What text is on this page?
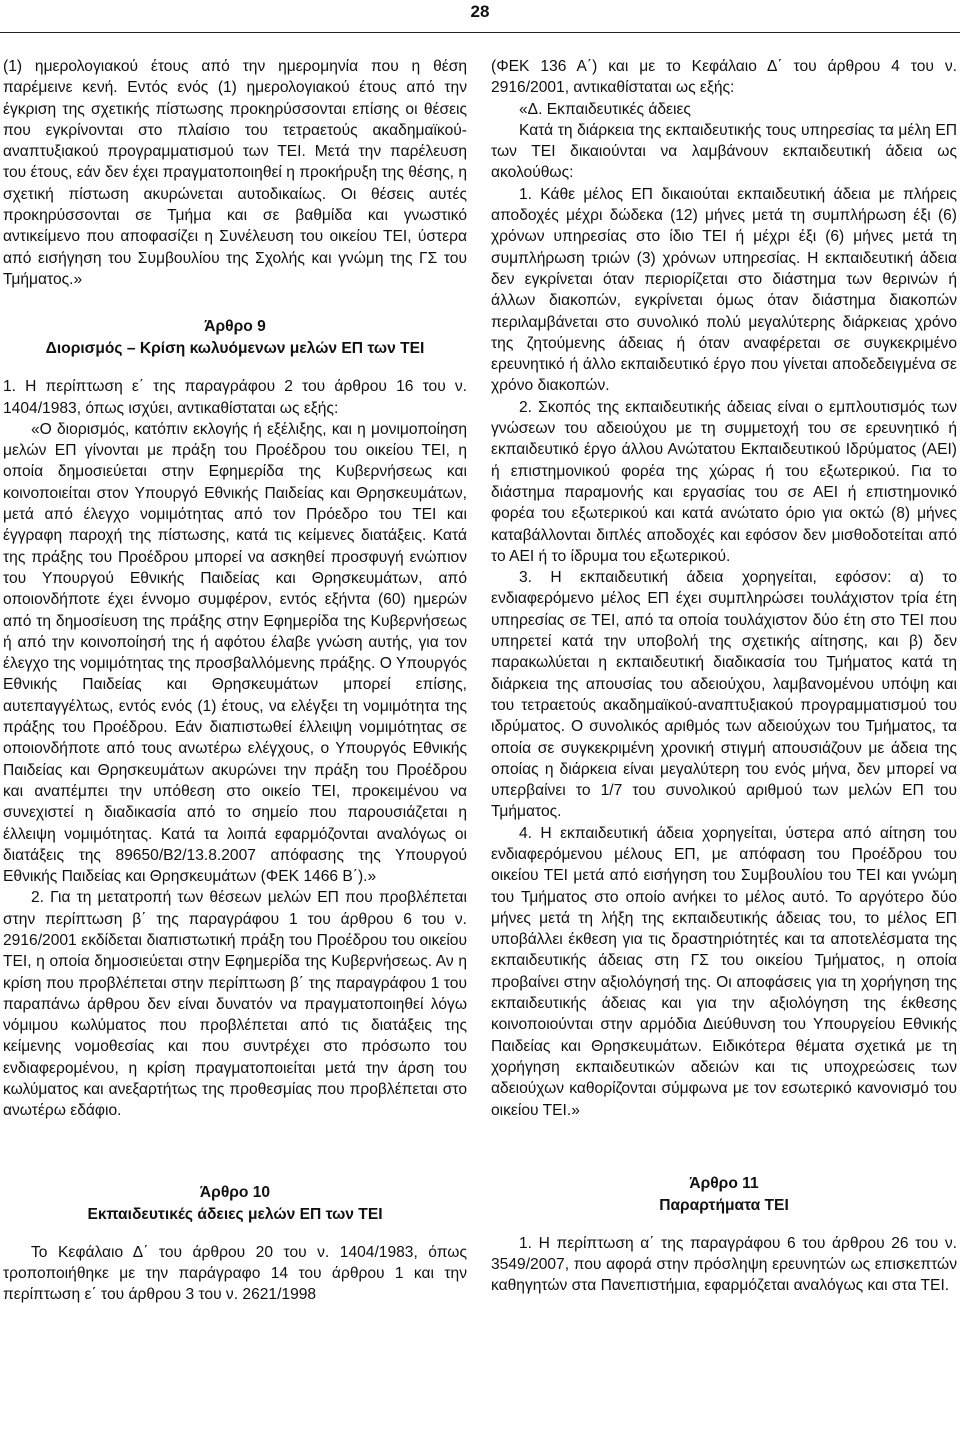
28

(1) ημερολογιακού έτους από την ημερομηνία που η θέση παρέμεινε κενή. Εντός ενός (1) ημερολογιακού έτους από την έγκριση της σχετικής πίστωσης προκηρύσσονται επίσης οι θέσεις που εγκρίνονται στο πλαίσιο του τετραετούς ακαδημαϊκού-αναπτυξιακού προγραμματισμού των ΤΕΙ. Μετά την παρέλευση του έτους, εάν δεν έχει πραγματοποιηθεί η προκήρυξη της θέσης, η σχετική πίστωση ακυρώνεται αυτοδικαίως. Οι θέσεις αυτές προκηρύσσονται σε Τμήμα και σε βαθμίδα και γνωστικό αντικείμενο που αποφασίζει η Συνέλευση του οικείου ΤΕΙ, ύστερα από εισήγηση του Συμβουλίου της Σχολής και γνώμη της ΓΣ του Τμήματος.»

Άρθρο 9
Διορισμός – Κρίση κωλυόμενων μελών ΕΠ των ΤΕΙ

1. Η περίπτωση ε΄ της παραγράφου 2 του άρθρου 16 του ν. 1404/1983, όπως ισχύει, αντικαθίσταται ως εξής:

«Ο διορισμός, κατόπιν εκλογής ή εξέλιξης, και η μονιμοποίηση μελών ΕΠ γίνονται με πράξη του Προέδρου του οικείου ΤΕΙ, η οποία δημοσιεύεται στην Εφημερίδα της Κυβερνήσεως και κοινοποιείται στον Υπουργό Εθνικής Παιδείας και Θρησκευμάτων, μετά από έλεγχο νομιμότητας από τον Πρόεδρο του ΤΕΙ και έγγραφη παροχή της πίστωσης, κατά τις κείμενες διατάξεις. Κατά της πράξης του Προέδρου μπορεί να ασκηθεί προσφυγή ενώπιον του Υπουργού Εθνικής Παιδείας και Θρησκευμάτων, από οποιονδήποτε έχει έννομο συμφέρον, εντός εξήντα (60) ημερών από τη δημοσίευση της πράξης στην Εφημερίδα της Κυβερνήσεως ή από την κοινοποίησή της ή αφότου έλαβε γνώση αυτής, για τον έλεγχο της νομιμότητας της προσβαλλόμενης πράξης. Ο Υπουργός Εθνικής Παιδείας και Θρησκευμάτων μπορεί επίσης, αυτεπαγγέλτως, εντός ενός (1) έτους, να ελέγξει τη νομιμότητα της πράξης του Προέδρου. Εάν διαπιστωθεί έλλειψη νομιμότητας σε οποιονδήποτε από τους ανωτέρω ελέγχους, ο Υπουργός Εθνικής Παιδείας και Θρησκευμάτων ακυρώνει την πράξη του Προέδρου και αναπέμπει την υπόθεση στο οικείο ΤΕΙ, προκειμένου να συνεχιστεί η διαδικασία από το σημείο που παρουσιάζεται η έλλειψη νομιμότητας. Κατά τα λοιπά εφαρμόζονται αναλόγως οι διατάξεις της 89650/Β2/13.8.2007 απόφασης της Υπουργού Εθνικής Παιδείας και Θρησκευμάτων (ΦΕΚ 1466 Β΄).»

2. Για τη μετατροπή των θέσεων μελών ΕΠ που προβλέπεται στην περίπτωση β΄ της παραγράφου 1 του άρθρου 6 του ν. 2916/2001 εκδίδεται διαπιστωτική πράξη του Προέδρου του οικείου ΤΕΙ, η οποία δημοσιεύεται στην Εφημερίδα της Κυβερνήσεως. Αν η κρίση που προβλέπεται στην περίπτωση β΄ της παραγράφου 1 του παραπάνω άρθρου δεν είναι δυνατόν να πραγματοποιηθεί λόγω νόμιμου κωλύματος που προβλέπεται από τις διατάξεις της κείμενης νομοθεσίας και που συντρέχει στο πρόσωπο του ενδιαφερομένου, η κρίση πραγματοποιείται μετά την άρση του κωλύματος και ανεξαρτήτως της προθεσμίας που προβλέπεται στο ανωτέρω εδάφιο.

Άρθρο 10
Εκπαιδευτικές άδειες μελών ΕΠ των ΤΕΙ

Το Κεφάλαιο Δ΄ του άρθρου 20 του ν. 1404/1983, όπως τροποποιήθηκε με την παράγραφο 14 του άρθρου 1 και την περίπτωση ε΄ του άρθρου 3 του ν. 2621/1998

(ΦΕΚ 136 Α΄) και με το Κεφάλαιο Δ΄ του άρθρου 4 του ν. 2916/2001, αντικαθίσταται ως εξής:

«Δ. Εκπαιδευτικές άδειες

Κατά τη διάρκεια της εκπαιδευτικής τους υπηρεσίας τα μέλη ΕΠ των ΤΕΙ δικαιούνται να λαμβάνουν εκπαιδευτική άδεια ως ακολούθως:

1. Κάθε μέλος ΕΠ δικαιούται εκπαιδευτική άδεια με πλήρεις αποδοχές μέχρι δώδεκα (12) μήνες μετά τη συμπλήρωση έξι (6) χρόνων υπηρεσίας στο ίδιο ΤΕΙ ή μέχρι έξι (6) μήνες μετά τη συμπλήρωση τριών (3) χρόνων υπηρεσίας. Η εκπαιδευτική άδεια δεν εγκρίνεται όταν περιορίζεται στο διάστημα των θερινών ή άλλων διακοπών, εγκρίνεται όμως όταν διάστημα διακοπών περιλαμβάνεται στο συνολικό πολύ μεγαλύτερης διάρκειας χρόνο της ζητούμενης άδειας ή όταν αναφέρεται σε συγκεκριμένο ερευνητικό ή άλλο εκπαιδευτικό έργο που γίνεται αποδεδειγμένα σε χρόνο διακοπών.

2. Σκοπός της εκπαιδευτικής άδειας είναι ο εμπλουτισμός των γνώσεων του αδειούχου με τη συμμετοχή του σε ερευνητικό ή εκπαιδευτικό έργο άλλου Ανώτατου Εκπαιδευτικού Ιδρύματος (ΑΕΙ) ή επιστημονικού φορέα της χώρας ή του εξωτερικού. Για το διάστημα παραμονής και εργασίας του σε ΑΕΙ ή επιστημονικό φορέα του εξωτερικού και κατά ανώτατο όριο για οκτώ (8) μήνες καταβάλλονται διπλές αποδοχές και εφόσον δεν μισθοδοτείται από το ΑΕΙ ή το ίδρυμα του εξωτερικού.

3. Η εκπαιδευτική άδεια χορηγείται, εφόσον: α) το ενδιαφερόμενο μέλος ΕΠ έχει συμπληρώσει τουλάχιστον τρία έτη υπηρεσίας σε ΤΕΙ, από τα οποία τουλάχιστον δύο έτη στο ΤΕΙ που υπηρετεί κατά την υποβολή της σχετικής αίτησης, και β) δεν παρακωλύεται η εκπαιδευτική διαδικασία του Τμήματος κατά τη διάρκεια της απουσίας του αδειούχου, λαμβανομένου υπόψη και του τετραετούς ακαδημαϊκού-αναπτυξιακού προγραμματισμού του ιδρύματος. Ο συνολικός αριθμός των αδειούχων του Τμήματος, τα οποία σε συγκεκριμένη χρονική στιγμή απουσιάζουν με άδεια της οποίας η διάρκεια είναι μεγαλύτερη του ενός μήνα, δεν μπορεί να υπερβαίνει το 1/7 του συνολικού αριθμού των μελών ΕΠ του Τμήματος.

4. Η εκπαιδευτική άδεια χορηγείται, ύστερα από αίτηση του ενδιαφερόμενου μέλους ΕΠ, με απόφαση του Προέδρου του οικείου ΤΕΙ μετά από εισήγηση του Συμβουλίου του ΤΕΙ και γνώμη του Τμήματος στο οποίο ανήκει το μέλος αυτό. Το αργότερο δύο μήνες μετά τη λήξη της εκπαιδευτικής άδειας του, το μέλος ΕΠ υποβάλλει έκθεση για τις δραστηριότητές και τα αποτελέσματα της εκπαιδευτικής άδειας στη ΓΣ του οικείου Τμήματος, η οποία προβαίνει στην αξιολόγησή της. Οι αποφάσεις για τη χορήγηση της εκπαιδευτικής άδειας και για την αξιολόγηση της έκθεσης κοινοποιούνται στην αρμόδια Διεύθυνση του Υπουργείου Εθνικής Παιδείας και Θρησκευμάτων. Ειδικότερα θέματα σχετικά με τη χορήγηση εκπαιδευτικών αδειών και τις υποχρεώσεις των αδειούχων καθορίζονται σύμφωνα με τον εσωτερικό κανονισμό του οικείου ΤΕΙ.»

Άρθρο 11
Παραρτήματα ΤΕΙ

1. Η περίπτωση α΄ της παραγράφου 6 του άρθρου 26 του ν. 3549/2007, που αφορά στην πρόσληψη ερευνητών ως επισκεπτών καθηγητών στα Πανεπιστήμια, εφαρμόζεται αναλόγως και στα ΤΕΙ.
